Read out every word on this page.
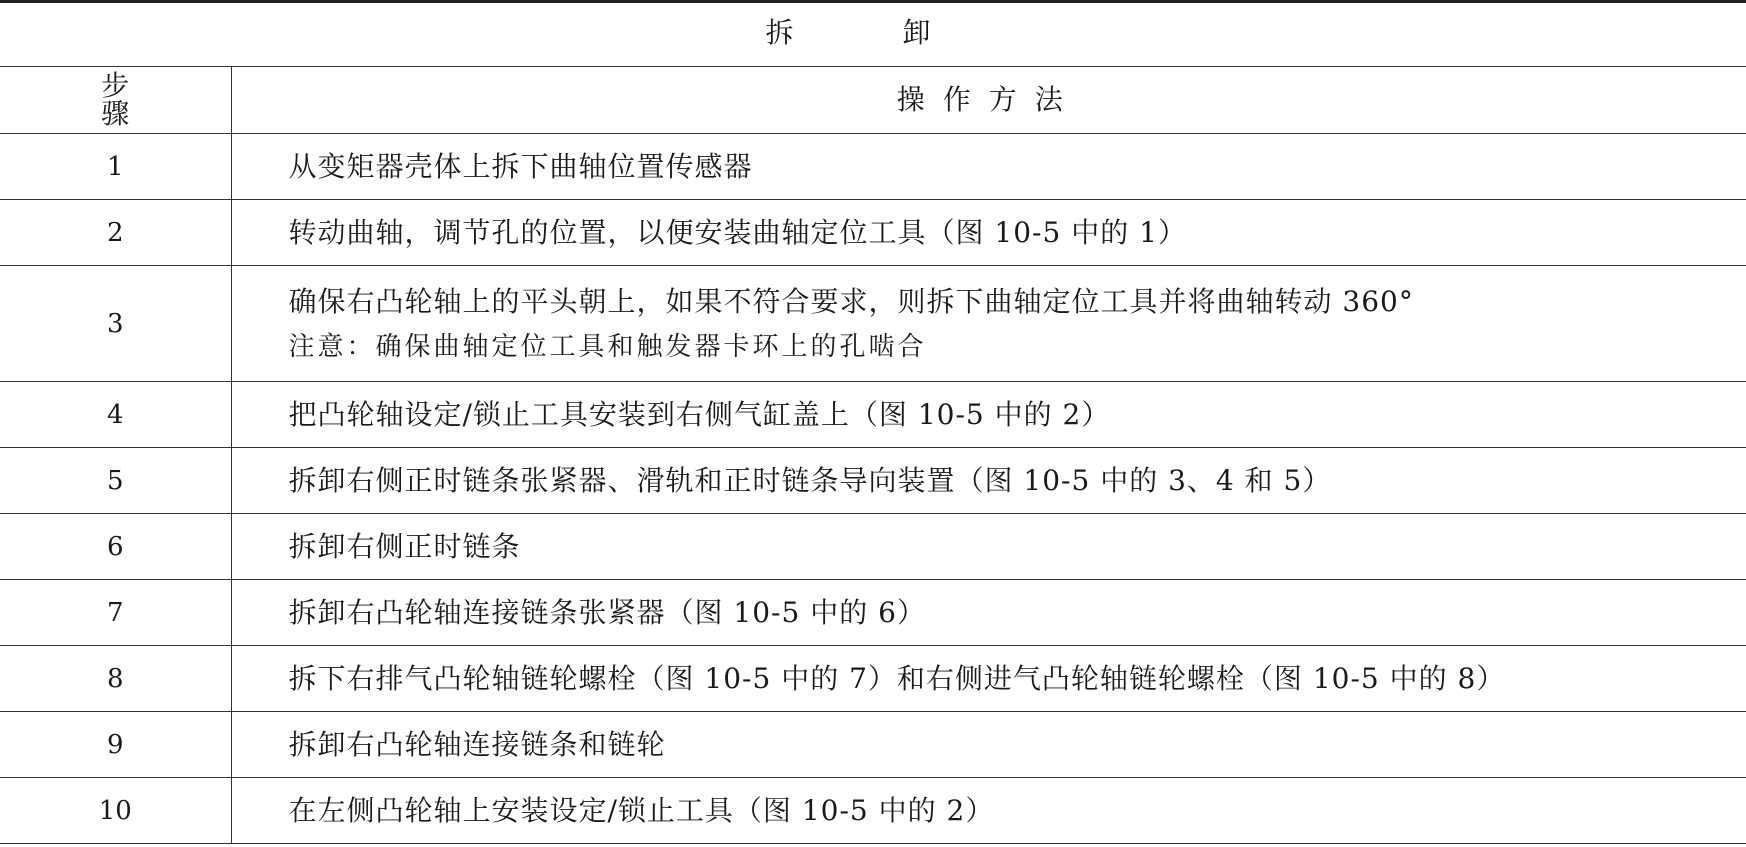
拆 卸	
步 骤	操作方法
1	从变矩器壳体上拆下曲轴位置传感器
2	转动曲轴，调节孔的位置，以便安装曲轴定位工具（图 10-5 中的 1）
3	确保右凸轮轴上的平头朝上，如果不符合要求，则拆下曲轴定位工具并将曲轴转动 360°
注意：确保曲轴定位工具和触发器卡环上的孔啮合

4	把凸轮轴设定/锁止工具安装到右侧气缸盖上（图 10-5 中的 2）
5	拆卸右侧正时链条张紧器、滑轨和正时链条导向装置（图 10-5 中的 3、4 和 5）
6	拆卸右侧正时链条
7	拆卸右凸轮轴连接链条张紧器（图 10-5 中的 6）
8	拆下右排气凸轮轴链轮螺栓（图 10-5 中的 7）和右侧进气凸轮轴链轮螺栓（图 10-5 中的 8）
9	拆卸右凸轮轴连接链条和链轮
10	在左侧凸轮轴上安装设定/锁止工具（图 10-5 中的 2）
